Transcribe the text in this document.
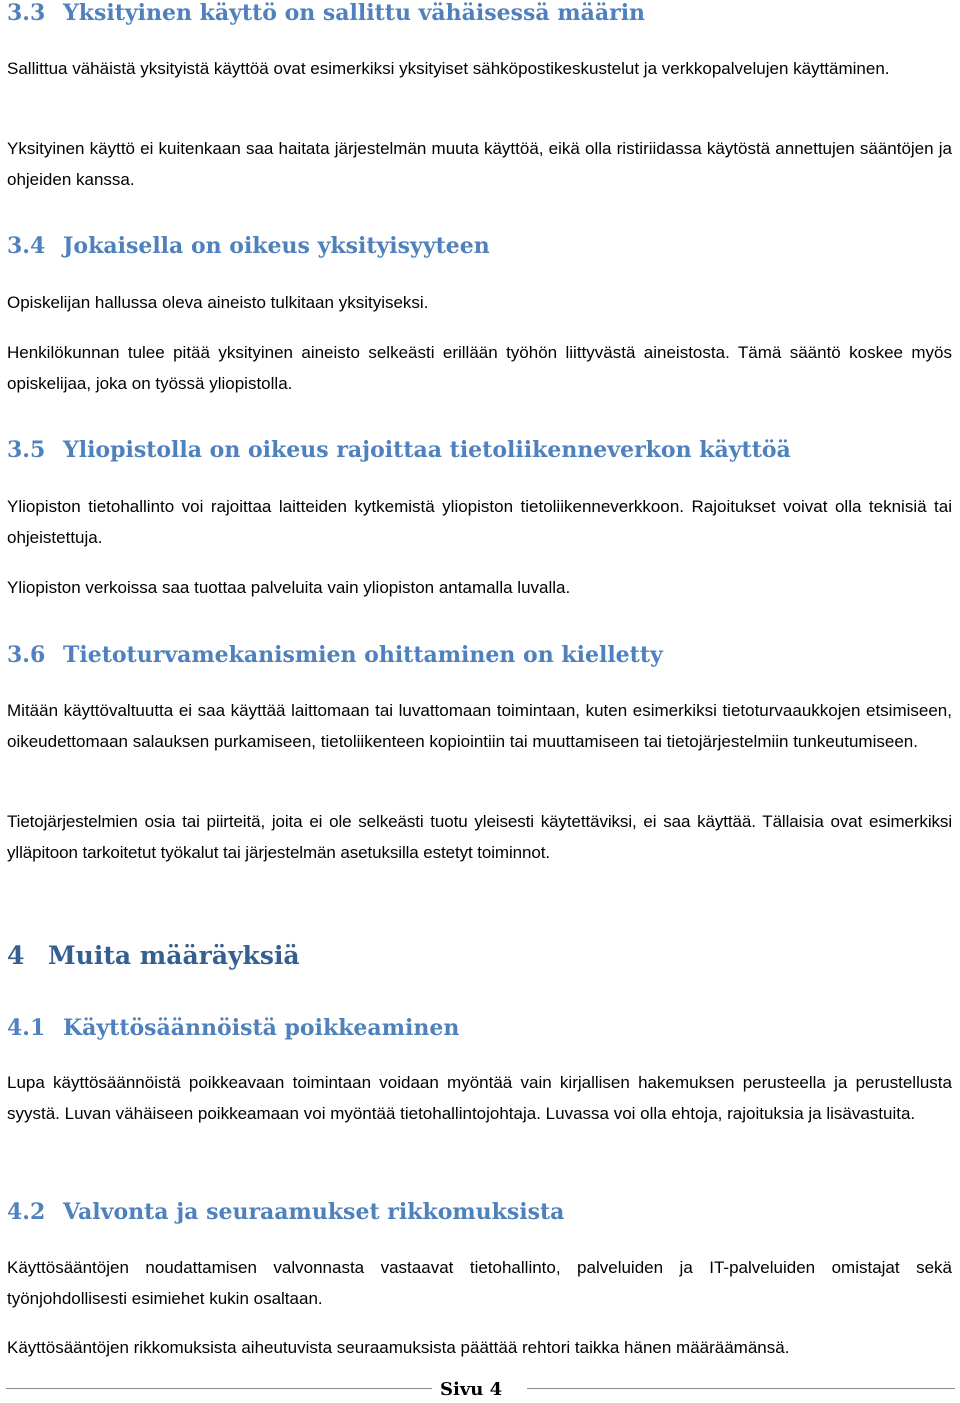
3.3 Yksityinen käyttö on sallittu vähäisessä määrin
Sallittua vähäistä yksityistä käyttöä ovat esimerkiksi yksityiset sähköpostikeskustelut ja verkkopalvelujen käyttäminen.
Yksityinen käyttö ei kuitenkaan saa haitata järjestelmän muuta käyttöä, eikä olla ristiriidassa käytöstä annettujen sääntöjen ja ohjeiden kanssa.
3.4 Jokaisella on oikeus yksityisyyteen
Opiskelijan hallussa oleva aineisto tulkitaan yksityiseksi.
Henkilökunnan tulee pitää yksityinen aineisto selkeästi erillään työhön liittyvästä aineistosta. Tämä sääntö koskee myös opiskelijaa, joka on työssä yliopistolla.
3.5 Yliopistolla on oikeus rajoittaa tietoliikenneverkon käyttöä
Yliopiston tietohallinto voi rajoittaa laitteiden kytkemistä yliopiston tietoliikenneverkkoon. Rajoitukset voivat olla teknisiä tai ohjeistettuja.
Yliopiston verkoissa saa tuottaa palveluita vain yliopiston antamalla luvalla.
3.6 Tietoturvamekanismien ohittaminen on kielletty
Mitään käyttövaltuutta ei saa käyttää laittomaan tai luvattomaan toimintaan, kuten esimerkiksi tietoturvaaukkojen etsimiseen, oikeudettomaan salauksen purkamiseen, tietoliikenteen kopiointiin tai muuttamiseen tai tietojärjestelmiin tunkeutumiseen.
Tietojärjestelmien osia tai piirteitä, joita ei ole selkeästi tuotu yleisesti käytettäviksi, ei saa käyttää. Tällaisia ovat esimerkiksi ylläpitoon tarkoitetut työkalut tai järjestelmän asetuksilla estetyt toiminnot.
4 Muita määräyksiä
4.1 Käyttösäännöistä poikkeaminen
Lupa käyttösäännöistä poikkeavaan toimintaan voidaan myöntää vain kirjallisen hakemuksen perusteella ja perustellusta syystä. Luvan vähäiseen poikkeamaan voi myöntää tietohallintojohtaja. Luvassa voi olla ehtoja, rajoituksia ja lisävastuita.
4.2 Valvonta ja seuraamukset rikkomuksista
Käyttösääntöjen noudattamisen valvonnasta vastaavat tietohallinto, palveluiden ja IT-palveluiden omistajat sekä työnjohdollisesti esimiehet kukin osaltaan.
Käyttösääntöjen rikkomuksista aiheutuvista seuraamuksista päättää rehtori taikka hänen määräämänsä.
Sivu 4
